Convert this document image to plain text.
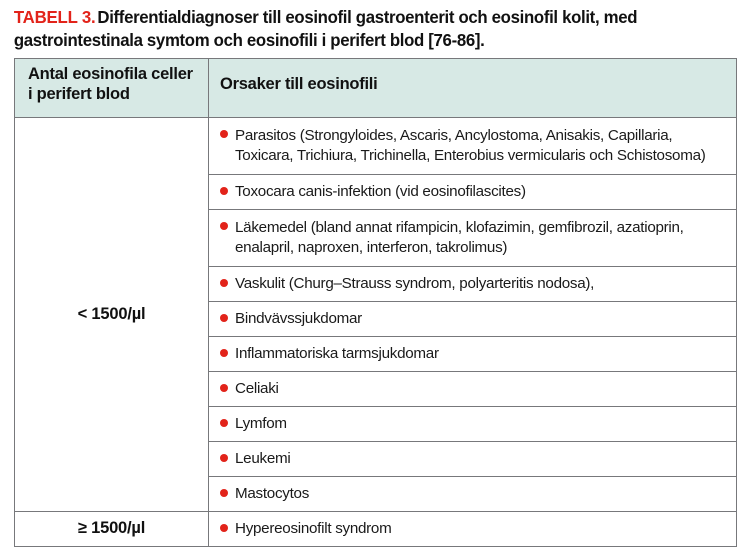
TABELL 3. Differentialdiagnoser till eosinofil gastroenterit och eosinofil kolit, med gastrointestinala symtom och eosinofili i perifert blod [76-86].
Antal eosinofila celler i perifert blod	Orsaker till eosinofili

< 1500/µl	Parasitos (Strongyloides, Ascaris, Ancylostoma, Anisakis, Capillaria, Toxicara, Trichiura, Trichinella, Enterobius vermicularis och Schistosoma)

	Toxocara canis-infektion (vid eosinofilascites)

	Läkemedel (bland annat rifampicin, klofazimin, gemfibrozil, azatioprin, enalapril, naproxen, interferon, takrolimus)

	Vaskulit (Churg–Strauss syndrom, polyarteritis nodosa),

	Bindvävssjukdomar

	Inflammatoriska tarmsjukdomar

	Celiaki

	Lymfom

	Leukemi

	Mastocytos

≥ 1500/µl	Hypereosinofilt syndrom
